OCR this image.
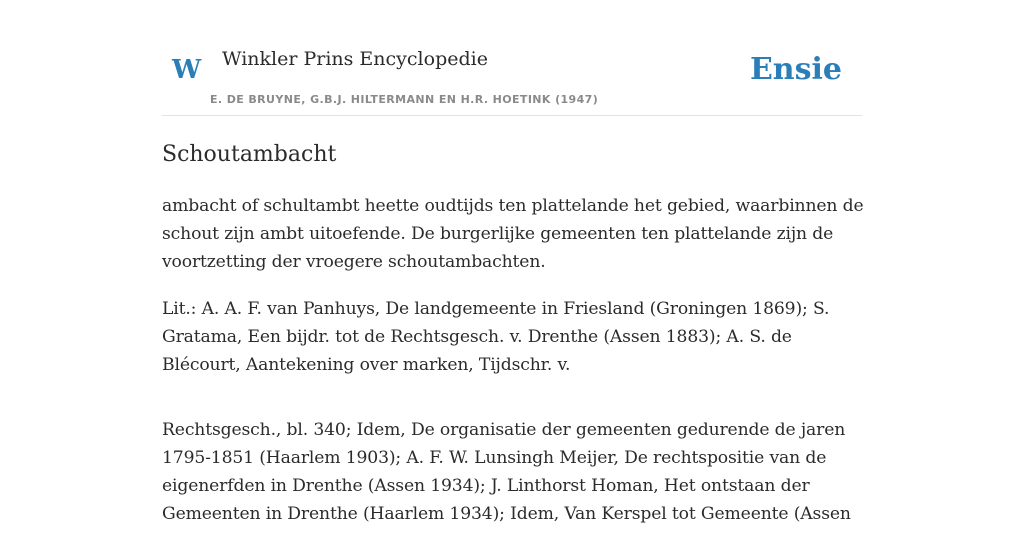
W Winkler Prins Encyclopedie
E. DE BRUYNE, G.B.J. HILTERMANN EN H.R. HOETINK (1947)
Ensie
Schoutambacht

ambacht of schultambt heette oudtijds ten plattelande het gebied, waarbinnen de schout zijn ambt uitoefende. De burgerlijke gemeenten ten plattelande zijn de voortzetting der vroegere schoutambachten.

Lit.: A. A. F. van Panhuys, De landgemeente in Friesland (Groningen 1869); S. Gratama, Een bijdr. tot de Rechtsgesch. v. Drenthe (Assen 1883); A. S. de Blécourt, Aantekening over marken, Tijdschr. v.

Rechtsgesch., bl. 340; Idem, De organisatie der gemeenten gedurende de jaren 1795-1851 (Haarlem 1903); A. F. W. Lunsingh Meijer, De rechtspositie van de eigenerfden in Drenthe (Assen 1934); J. Linthorst Homan, Het ontstaan der Gemeenten in Drenthe (Haarlem 1934); Idem, Van Kerspel tot Gemeente (Assen
